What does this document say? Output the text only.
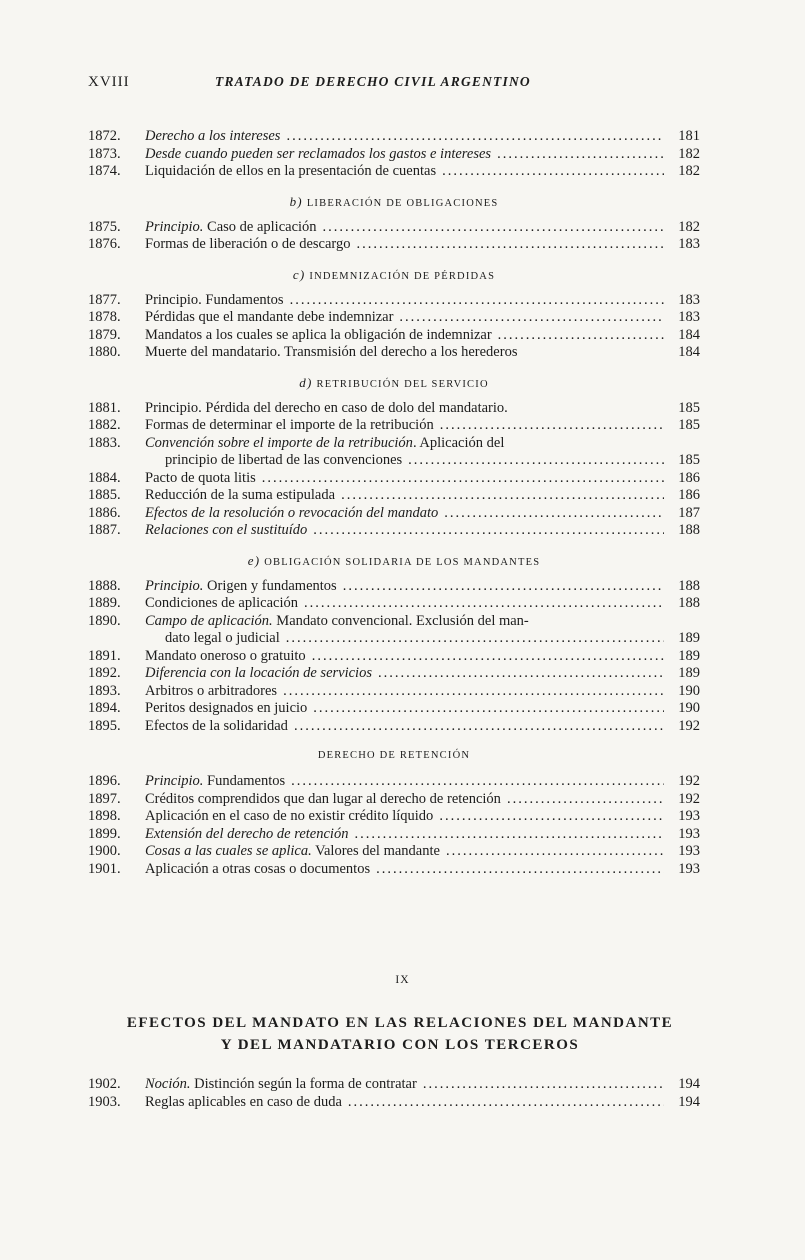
XVIII	TRATADO DE DERECHO CIVIL ARGENTINO
1872.	Derecho a los intereses .....	181
1873.	Desde cuando pueden ser reclamados los gastos e intereses .....	182
1874.	Liquidación de ellos en la presentación de cuentas .....	182
b) LIBERACIÓN DE OBLIGACIONES
1875.	Principio. Caso de aplicación .....	182
1876.	Formas de liberación o de descargo .....	183
c) INDEMNIZACIÓN DE PÉRDIDAS
1877.	Principio. Fundamentos .....	183
1878.	Pérdidas que el mandante debe indemnizar .....	183
1879.	Mandatos a los cuales se aplica la obligación de indemnizar .....	184
1880.	Muerte del mandatario. Transmisión del derecho a los herederos	184
d) RETRIBUCIÓN DEL SERVICIO
1881.	Principio. Pérdida del derecho en caso de dolo del mandatario.	185
1882.	Formas de determinar el importe de la retribución .....	185
1883.	Convención sobre el importe de la retribución. Aplicación del
principio de libertad de las convenciones .....	185
1884.	Pacto de quota litis .....	186
1885.	Reducción de la suma estipulada .....	186
1886.	Efectos de la resolución o revocación del mandato .....	187
1887.	Relaciones con el sustituído .....	188
e) OBLIGACIÓN SOLIDARIA DE LOS MANDANTES
1888.	Principio. Origen y fundamentos .....	188
1889.	Condiciones de aplicación .....	188
1890.	Campo de aplicación. Mandato convencional. Exclusión del man-
dato legal o judicial .....	189
1891.	Mandato oneroso o gratuito .....	189
1892.	Diferencia con la locación de servicios .....	189
1893.	Arbitros o arbitradores .....	190
1894.	Peritos designados en juicio .....	190
1895.	Efectos de la solidaridad .....	192
DERECHO DE RETENCIÓN
1896.	Principio. Fundamentos .....	192
1897.	Créditos comprendidos que dan lugar al derecho de retención .....	192
1898.	Aplicación en el caso de no existir crédito líquido .....	193
1899.	Extensión del derecho de retención .....	193
1900.	Cosas a las cuales se aplica. Valores del mandante .....	193
1901.	Aplicación a otras cosas o documentos .....	193
IX
EFECTOS DEL MANDATO EN LAS RELACIONES DEL MANDANTE
Y DEL MANDATARIO CON LOS TERCEROS
1902.	Noción. Distinción según la forma de contratar .....	194
1903.	Reglas aplicables en caso de duda .....	194
